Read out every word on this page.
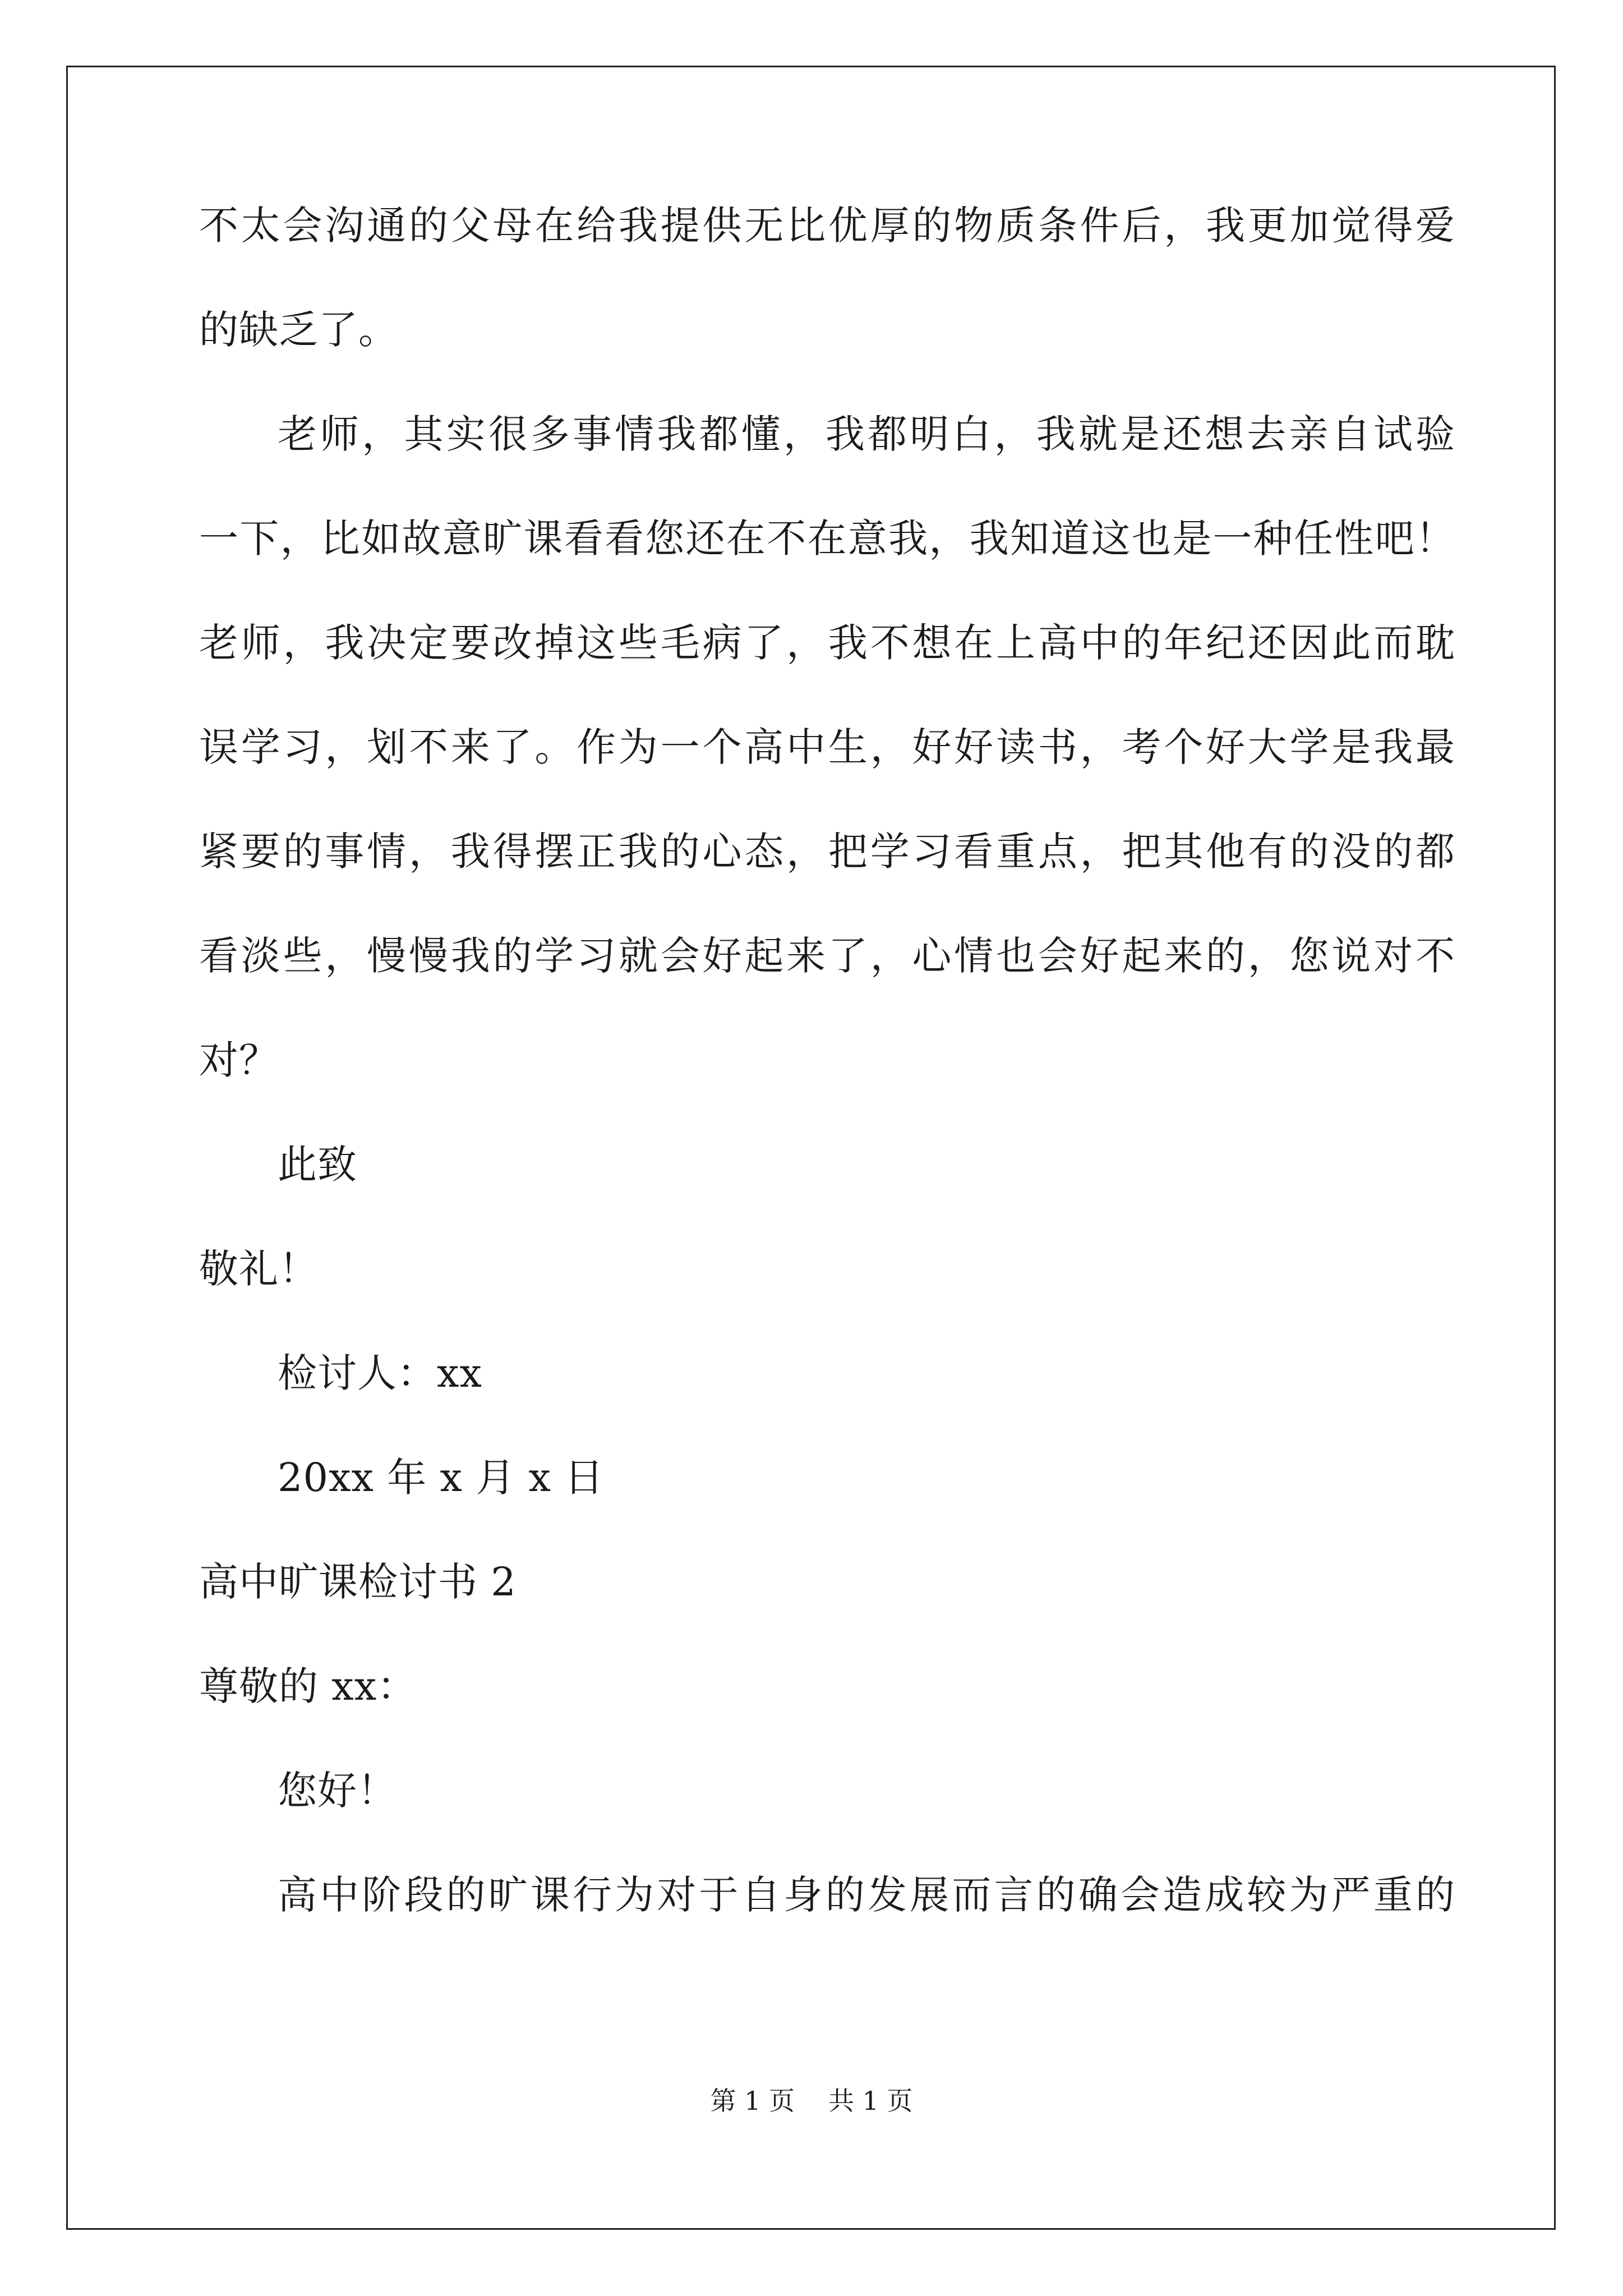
不太会沟通的父母在给我提供无比优厚的物质条件后，我更加觉得爱
的缺乏了。
老师，其实很多事情我都懂，我都明白，我就是还想去亲自试验
一下，比如故意旷课看看您还在不在意我，我知道这也是一种任性吧！
老师，我决定要改掉这些毛病了，我不想在上高中的年纪还因此而耽
误学习，划不来了。作为一个高中生，好好读书，考个好大学是我最
紧要的事情，我得摆正我的心态，把学习看重点，把其他有的没的都
看淡些，慢慢我的学习就会好起来了，心情也会好起来的，您说对不
对？
此致
敬礼！
检讨人：xx
20xx 年 x 月 x 日
高中旷课检讨书 2
尊敬的 xx：
您好！
高中阶段的旷课行为对于自身的发展而言的确会造成较为严重的
第 1 页 共 1 页
